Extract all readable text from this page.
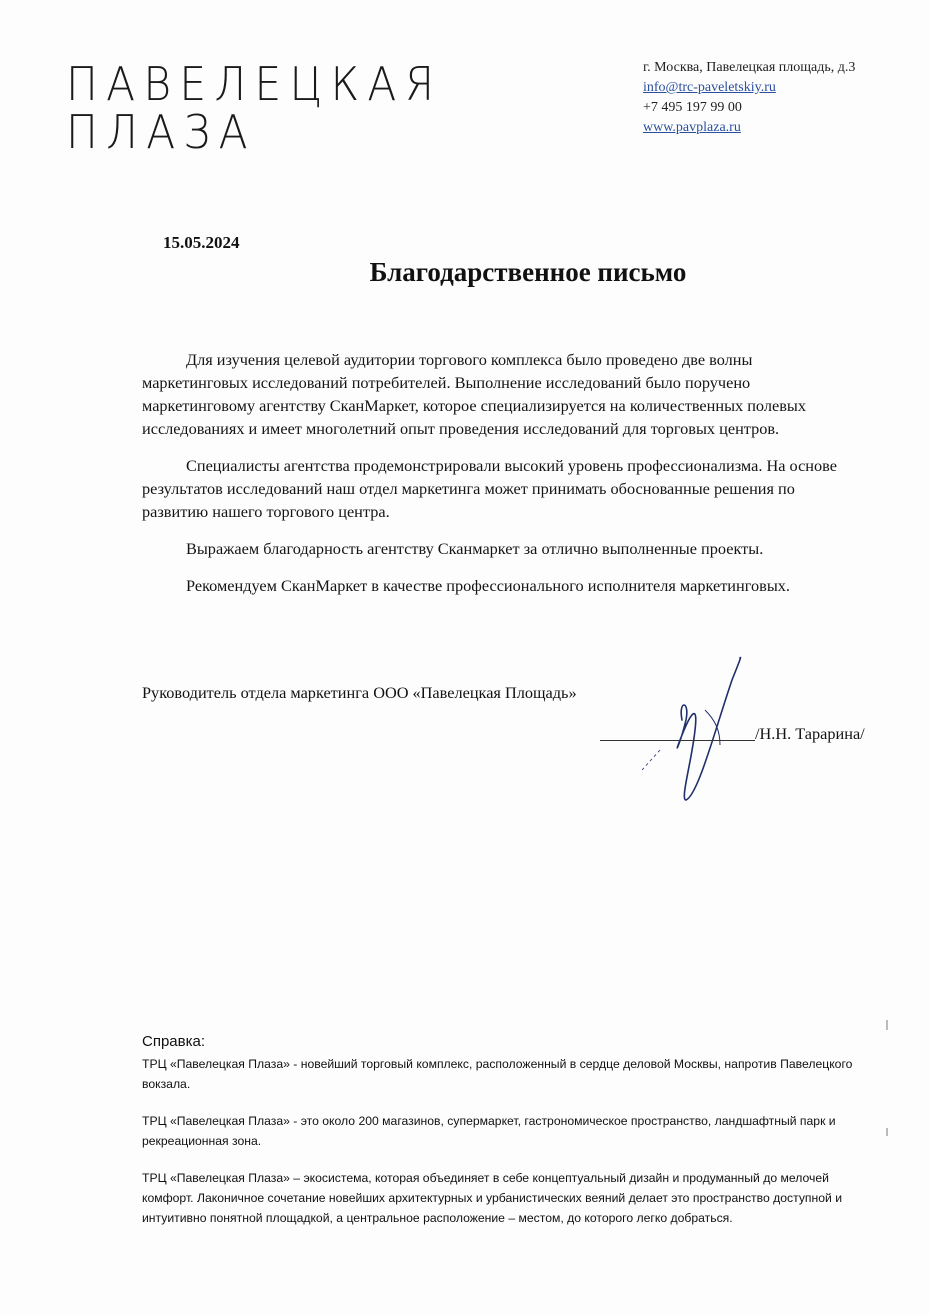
ПАВЕЛЕЦКАЯ
ПЛАЗА
г. Москва, Павелецкая площадь, д.3
info@trc-paveletskiy.ru
+7 495 197 99 00
www.pavplaza.ru
15.05.2024
Благодарственное письмо

Для изучения целевой аудитории торгового комплекса было проведено две волны маркетинговых исследований потребителей. Выполнение исследований было поручено маркетинговому агентству СканМаркет, которое специализируется на количественных полевых исследованиях и имеет многолетний опыт проведения исследований для торговых центров.

Специалисты агентства продемонстрировали высокий уровень профессионализма. На основе результатов исследований наш отдел маркетинга может принимать обоснованные решения по развитию нашего торгового центра.

Выражаем благодарность агентству Сканмаркет за отлично выполненные проекты.

Рекомендуем СканМаркет в качестве профессионального исполнителя маркетинговых.

Руководитель отдела маркетинга ООО «Павелецкая Площадь»
/Н.Н. Тарарина/
Справка:

ТРЦ «Павелецкая Плаза» - новейший торговый комплекс, расположенный в сердце деловой Москвы, напротив Павелецкого вокзала.

ТРЦ «Павелецкая Плаза» - это около 200 магазинов, супермаркет, гастрономическое пространство, ландшафтный парк и рекреационная зона.

ТРЦ «Павелецкая Плаза» – экосистема, которая объединяет в себе концептуальный дизайн и продуманный до мелочей комфорт. Лаконичное сочетание новейших архитектурных и урбанистических веяний делает это пространство доступной и интуитивно понятной площадкой, а центральное расположение – местом, до которого легко добраться.
